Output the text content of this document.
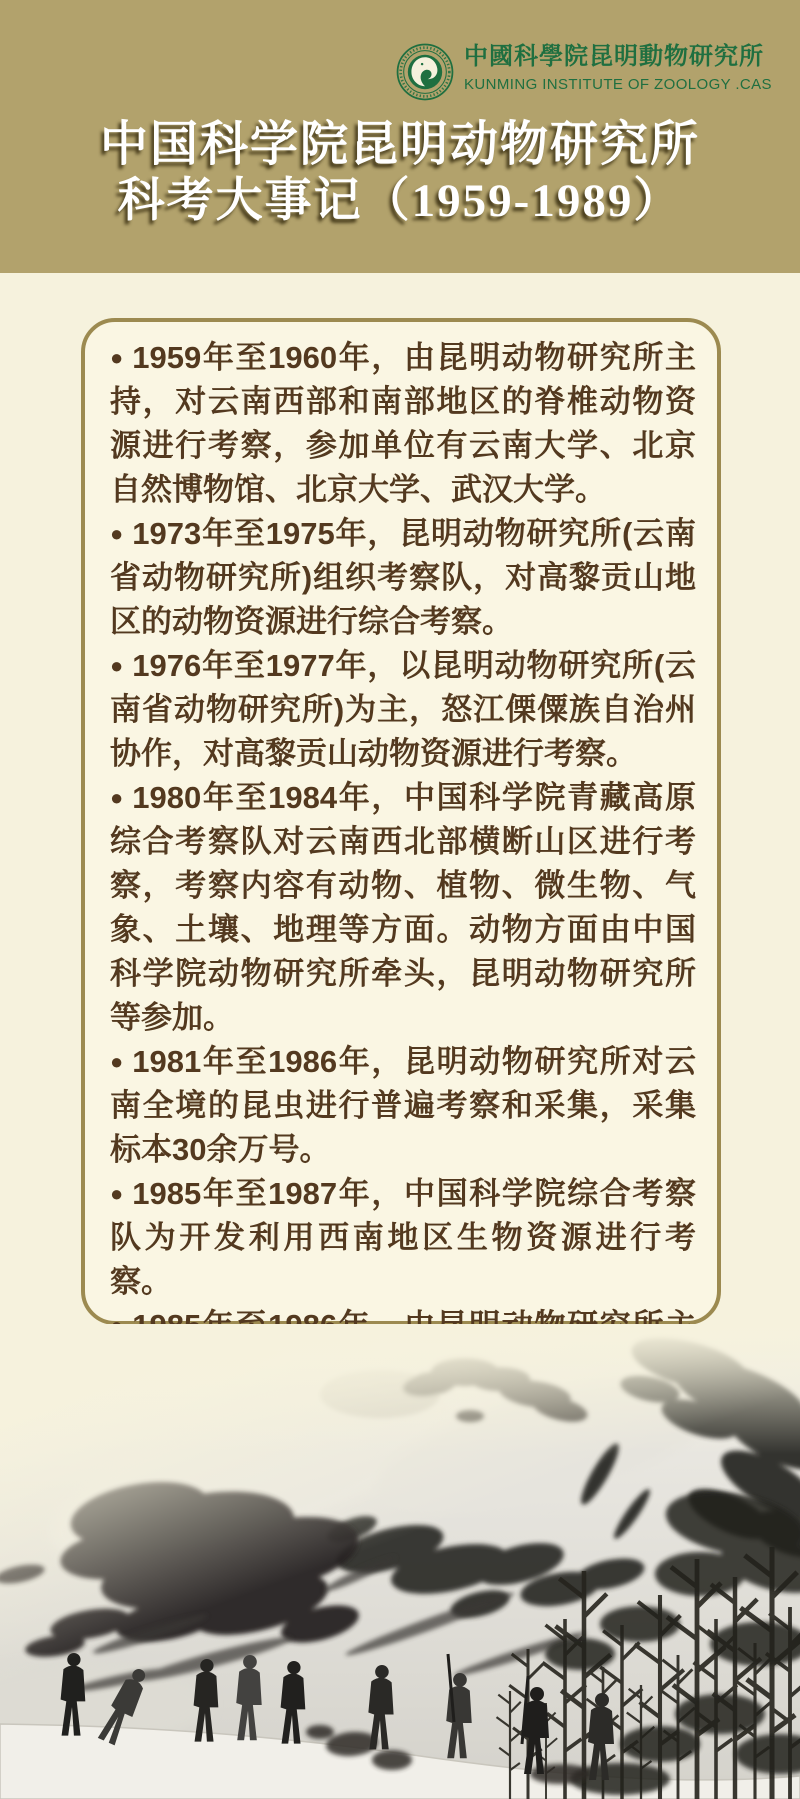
中國科學院昆明動物研究所
KUNMING INSTITUTE OF ZOOLOGY .CAS
中国科学院昆明动物研究所
科考大事记（1959-1989）

● 1959年至1960年，由昆明动物研究所主持，对云南西部和南部地区的脊椎动物资源进行考察，参加单位有云南大学、北京自然博物馆、北京大学、武汉大学。

● 1973年至1975年，昆明动物研究所(云南省动物研究所)组织考察队，对高黎贡山地区的动物资源进行综合考察。

● 1976年至1977年，以昆明动物研究所(云南省动物研究所)为主，怒江傈僳族自治州协作，对高黎贡山动物资源进行考察。

● 1980年至1984年，中国科学院青藏高原综合考察队对云南西北部横断山区进行考察，考察内容有动物、植物、微生物、气象、土壤、地理等方面。动物方面由中国科学院动物研究所牵头，昆明动物研究所等参加。

● 1981年至1986年，昆明动物研究所对云南全境的昆虫进行普遍考察和采集，采集标本30余万号。

● 1985年至1987年，中国科学院综合考察队为开发利用西南地区生物资源进行考察。
